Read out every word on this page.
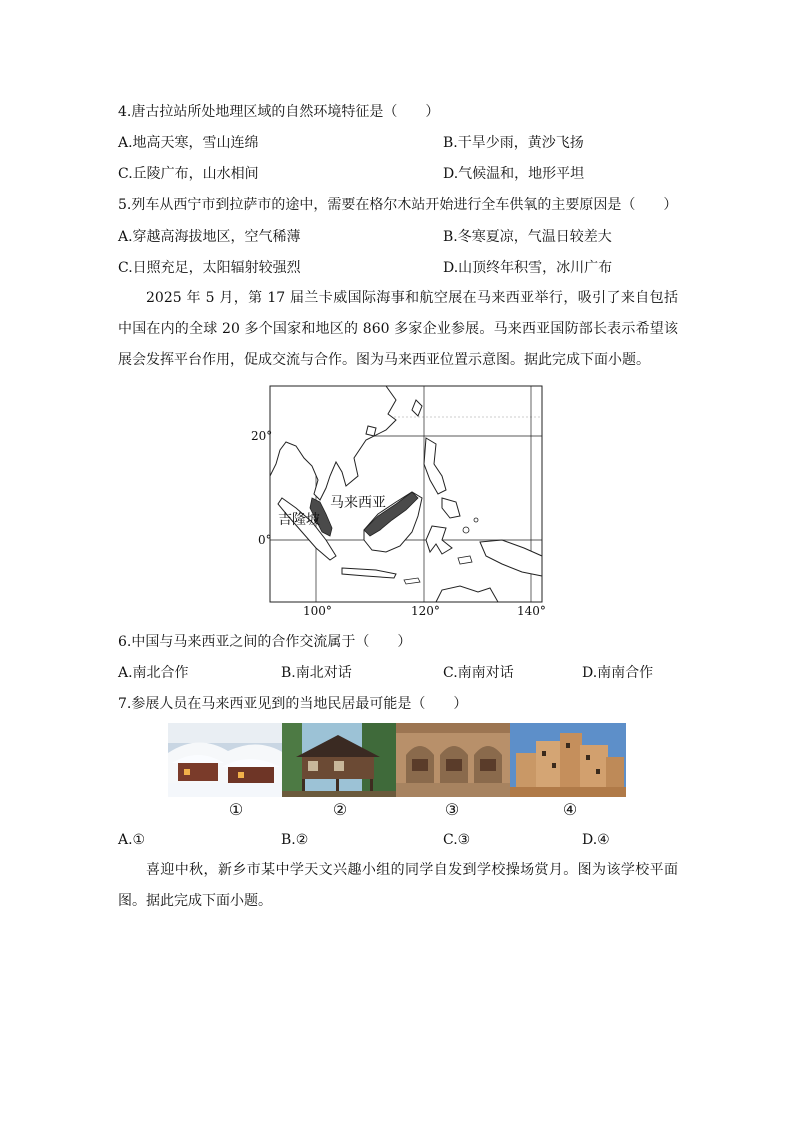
4.唐古拉站所处地理区域的自然环境特征是（　　）
A.地高天寒，雪山连绵	B.干旱少雨，黄沙飞扬
C.丘陵广布，山水相间	D.气候温和，地形平坦
5.列车从西宁市到拉萨市的途中，需要在格尔木站开始进行全车供氧的主要原因是（　　）
A.穿越高海拔地区，空气稀薄	B.冬寒夏凉，气温日较差大
C.日照充足，太阳辐射较强烈	D.山顶终年积雪，冰川广布
2025 年 5 月，第 17 届兰卡威国际海事和航空展在马来西亚举行，吸引了来自包括中国在内的全球 20 多个国家和地区的 860 多家企业参展。马来西亚国防部长表示希望该展会发挥平台作用，促成交流与合作。图为马来西亚位置示意图。据此完成下面小题。
马来西亚
吉隆坡
20°
0°
100°	120°	140°
6.中国与马来西亚之间的合作交流属于（　　）
A.南北合作	B.南北对话	C.南南对话	D.南南合作
7.参展人员在马来西亚见到的当地民居最可能是（　　）
①	②	③	④
A.①	B.②	C.③	D.④
喜迎中秋，新乡市某中学天文兴趣小组的同学自发到学校操场赏月。图为该学校平面图。据此完成下面小题。
